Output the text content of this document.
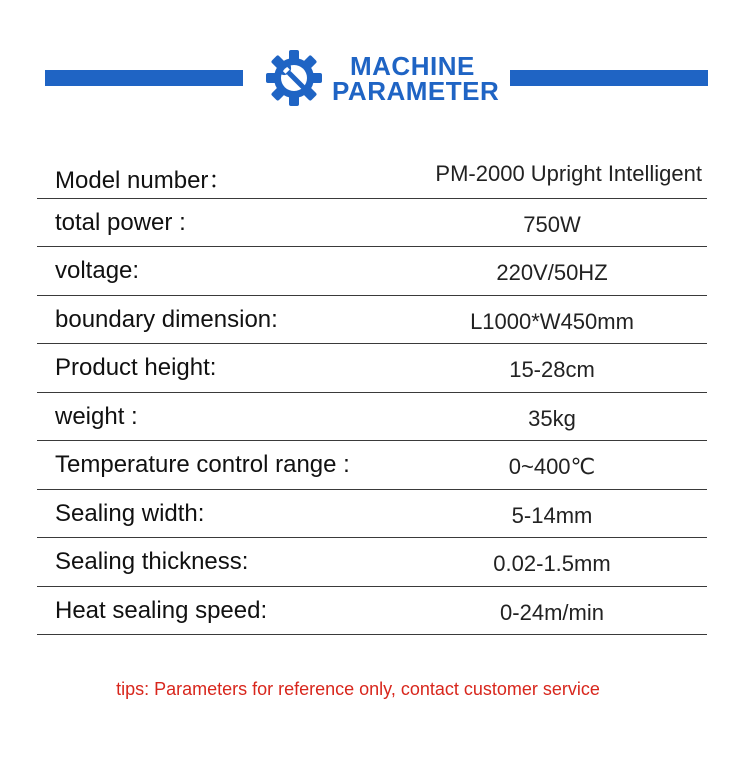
MACHINE
PARAMETER
Model number：	PM-2000 Upright Intelligent
total power :	750W
voltage:	220V/50HZ
boundary dimension:	L1000*W450mm
Product height:	15-28cm
weight :	35kg
Temperature control range :	0~400℃
Sealing width:	5-14mm
Sealing thickness:	0.02-1.5mm
Heat sealing speed:	0-24m/min
tips: Parameters for reference only, contact customer service
